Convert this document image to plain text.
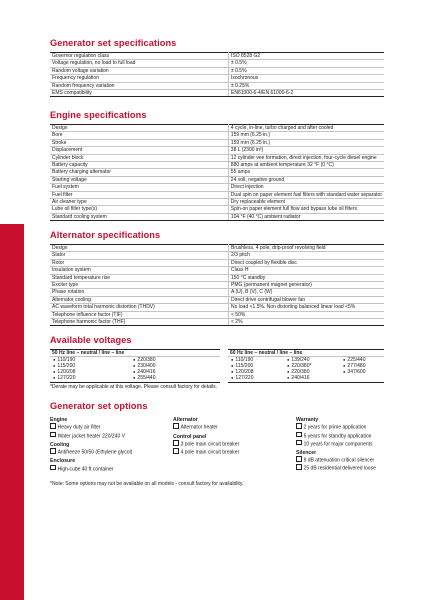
Generator set specifications
Governor regulation class	ISO 8528 G2
Voltage regulation, no load to full load	± 0.5%
Random voltage variation	± 0.5%
Frequency regulation	Isochronous
Random frequency variation	± 0.25%
EMS compatibility	EN61000-6-4/EN 61000-6-2
Engine specifications
Design	4 cycle, in-line, turbo charged and after cooled
Bore	159 mm (6.25 in.)
Stroke	159 mm (6.25 in.)
Displacement	38 L (2300 in³)
Cylinder block	12 cylinder vee formation, direct injection, four-cycle diesel engine
Battery capacity	880 amps at ambient temperature 32 °F (0 °C)
Battery charging alternator	55 amps
Starting voltage	24 volt, negative ground
Fuel system	Direct injection
Fuel filter	Dual spin on paper element fuel filters with standard water separator
Air cleaner type	Dry replaceable element
Lube oil filter type(s)	Spin-on paper element full flow and bypass lube oil filters
Standard cooling system	104 °F (40 °C) ambient radiator
Alternator specifications
Design	Brushless, 4 pole, drip-proof revolving field
Stator	2/3 pitch
Rotor	Direct coupled by flexible disc
Insulation system	Class H
Standard temperature rise	150 °C standby
Exciter type	PMG (permanent magnet generator)
Phase rotation	A (U), B (V), C (W)
Alternator cooling	Direct drive centrifugal blower fan
AC waveform total harmonic distortion (THDV)	No load <1.5%. Non distorting balanced linear load <5%
Telephone influence factor (TIF)	< 50%
Telephone harmonic factor (THF)	< 2%
Available voltages
50 Hz line – neutral / line – line
● 110/190
● 115/200
● 120/208
● 127/220
● 220/380
● 230/400
● 240/416
● 255/440
60 Hz line – neutral / line – line
● 110/190
● 115/200
● 120/208
● 127/220
● 139/240
● 220/380*
● 220/380
● 240/416
● 225/440
● 277/480
● 347/600
*Derate may be applicable at this voltage. Please consult factory for details.
Generator set options
Engine
Heavy duty air filter
Water jacket heater 220/240 V
Cooling
Antifreeze 50/50 (Ethylene glycol)
Enclosure
High-cube 40 ft container
Alternator
Alternator heater
Control panel
3 pole main circuit breaker
4 pole main circuit breaker
Warranty
2 years for prime application
5 years for standby application
10 years for major components
Silencer
9 dB attenuation critical silencer
25 dB residential delivered loose
*Note: Some options may not be available on all models - consult factory for availability.
